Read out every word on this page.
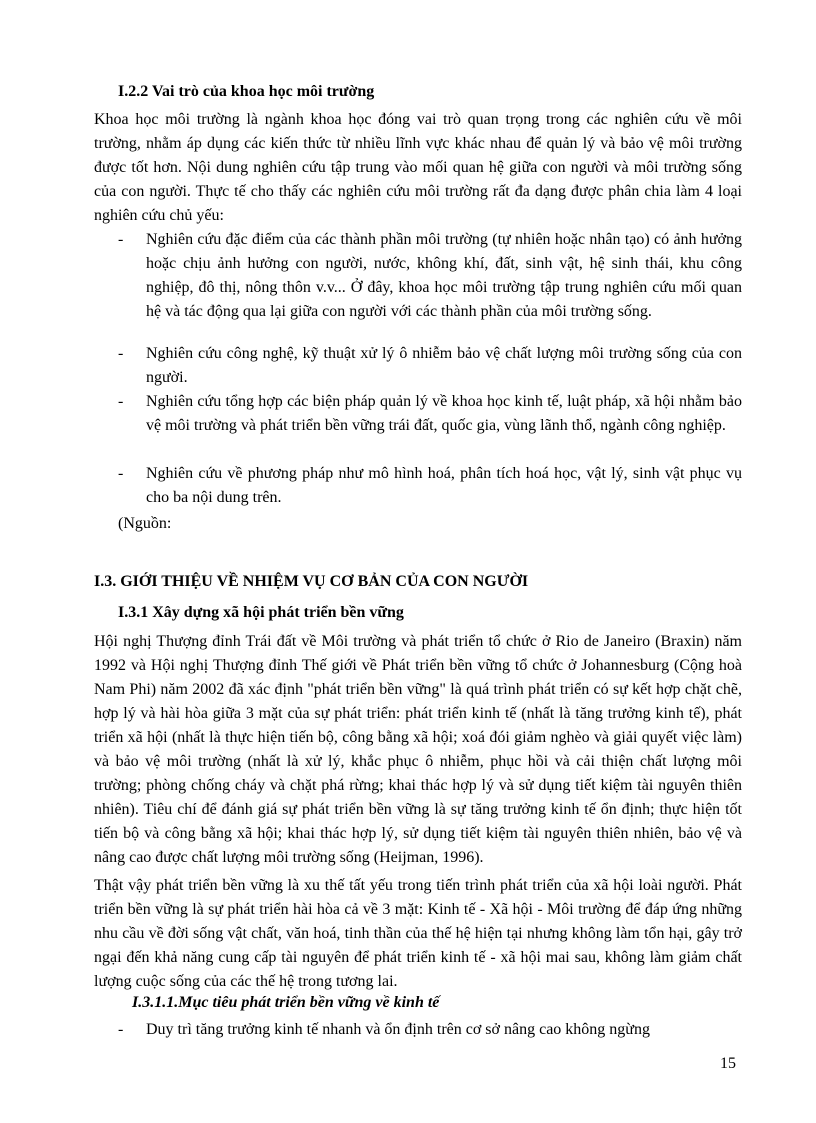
I.2.2 Vai trò của khoa học môi trường

Khoa học môi trường là ngành khoa học đóng vai trò quan trọng trong các nghiên cứu về môi trường, nhằm áp dụng các kiến thức từ nhiều lĩnh vực khác nhau để quản lý và bảo vệ môi trường được tốt hơn. Nội dung nghiên cứu tập trung vào mối quan hệ giữa con người và môi trường sống của con người. Thực tế cho thấy các nghiên cứu môi trường rất đa dạng được phân chia làm 4 loại nghiên cứu chủ yếu:

- Nghiên cứu đặc điểm của các thành phần môi trường (tự nhiên hoặc nhân tạo) có ảnh hưởng hoặc chịu ảnh hưởng con người, nước, không khí, đất, sinh vật, hệ sinh thái, khu công nghiệp, đô thị, nông thôn v.v... Ở đây, khoa học môi trường tập trung nghiên cứu mối quan hệ và tác động qua lại giữa con người với các thành phần của môi trường sống.
- Nghiên cứu công nghệ, kỹ thuật xử lý ô nhiễm bảo vệ chất lượng môi trường sống của con người.
- Nghiên cứu tổng hợp các biện pháp quản lý về khoa học kinh tế, luật pháp, xã hội nhằm bảo vệ môi trường và phát triển bền vững trái đất, quốc gia, vùng lãnh thổ, ngành công nghiệp.
- Nghiên cứu về phương pháp như mô hình hoá, phân tích hoá học, vật lý, sinh vật phục vụ cho ba nội dung trên.
(Nguồn:
I.3. GIỚI THIỆU VỀ NHIỆM VỤ CƠ BẢN CỦA CON NGƯỜI
I.3.1 Xây dựng xã hội phát triển bền vững

Hội nghị Thượng đỉnh Trái đất về Môi trường và phát triển tổ chức ở Rio de Janeiro (Braxin) năm 1992 và Hội nghị Thượng đỉnh Thế giới về Phát triển bền vững tổ chức ở Johannesburg (Cộng hoà Nam Phi) năm 2002 đã xác định "phát triển bền vững" là quá trình phát triển có sự kết hợp chặt chẽ, hợp lý và hài hòa giữa 3 mặt của sự phát triển: phát triển kinh tế (nhất là tăng trưởng kinh tế), phát triển xã hội (nhất là thực hiện tiến bộ, công bằng xã hội; xoá đói giảm nghèo và giải quyết việc làm) và bảo vệ môi trường (nhất là xử lý, khắc phục ô nhiễm, phục hồi và cải thiện chất lượng môi trường; phòng chống cháy và chặt phá rừng; khai thác hợp lý và sử dụng tiết kiệm tài nguyên thiên nhiên). Tiêu chí để đánh giá sự phát triển bền vững là sự tăng trưởng kinh tế ổn định; thực hiện tốt tiến bộ và công bằng xã hội; khai thác hợp lý, sử dụng tiết kiệm tài nguyên thiên nhiên, bảo vệ và nâng cao được chất lượng môi trường sống (Heijman, 1996).

Thật vậy phát triển bền vững là xu thế tất yếu trong tiến trình phát triển của xã hội loài người. Phát triển bền vững là sự phát triển hài hòa cả về 3 mặt: Kinh tế - Xã hội - Môi trường để đáp ứng những nhu cầu về đời sống vật chất, văn hoá, tinh thần của thế hệ hiện tại nhưng không làm tổn hại, gây trở ngại đến khả năng cung cấp tài nguyên để phát triển kinh tế - xã hội mai sau, không làm giảm chất lượng cuộc sống của các thế hệ trong tương lai.

I.3.1.1.Mục tiêu phát triển bền vững về kinh tế
- Duy trì tăng trưởng kinh tế nhanh và ổn định trên cơ sở nâng cao không ngừng
15
